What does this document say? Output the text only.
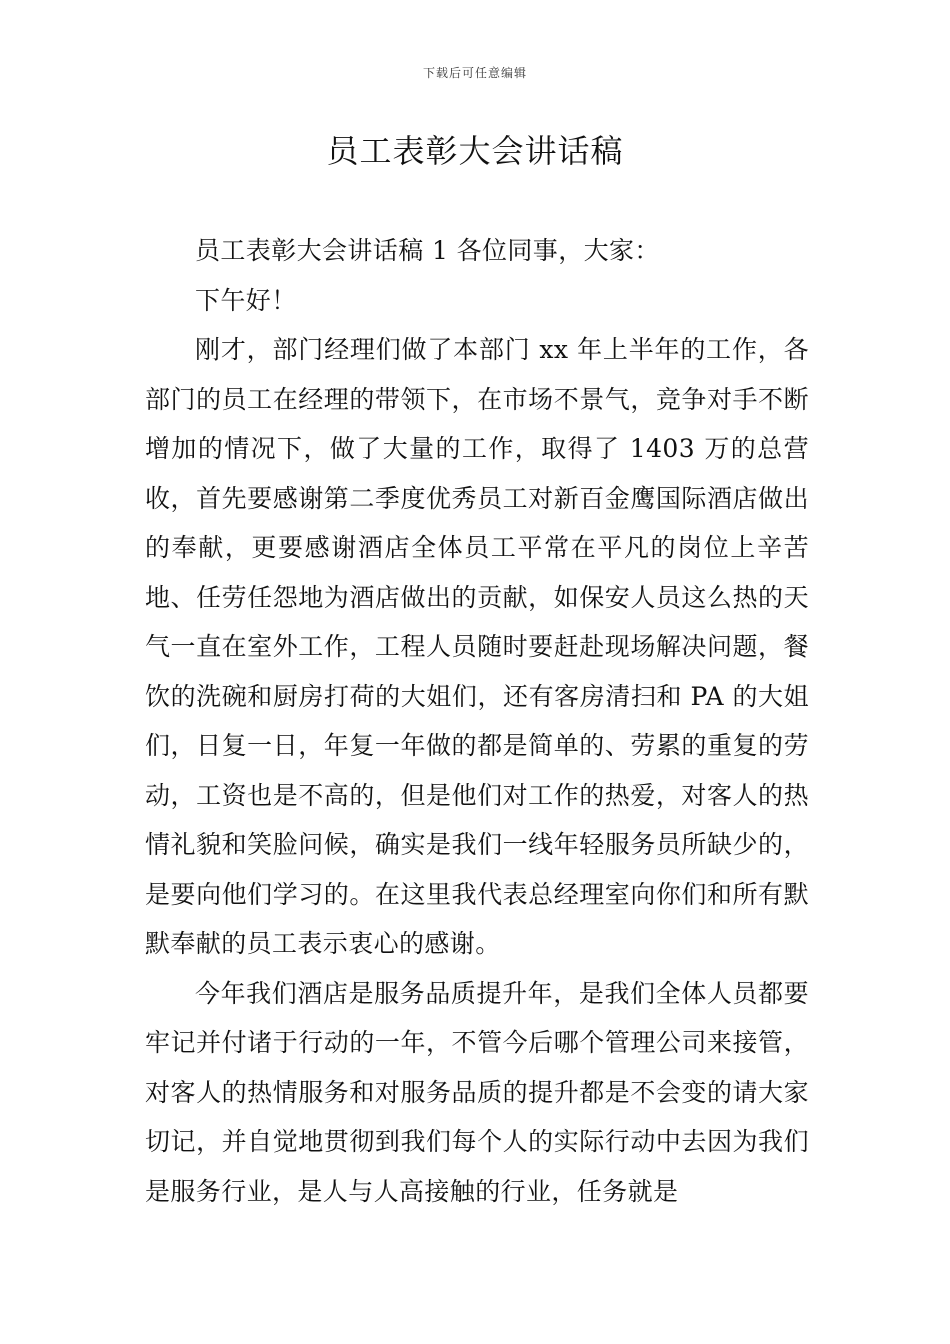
下载后可任意编辑
员工表彰大会讲话稿

员工表彰大会讲话稿 1 各位同事，大家：

下午好！

刚才，部门经理们做了本部门 xx 年上半年的工作，各部门的员工在经理的带领下，在市场不景气，竞争对手不断增加的情况下，做了大量的工作，取得了 1403 万的总营收，首先要感谢第二季度优秀员工对新百金鹰国际酒店做出的奉献，更要感谢酒店全体员工平常在平凡的岗位上辛苦地、任劳任怨地为酒店做出的贡献，如保安人员这么热的天气一直在室外工作，工程人员随时要赶赴现场解决问题，餐饮的洗碗和厨房打荷的大姐们，还有客房清扫和 PA 的大姐们，日复一日，年复一年做的都是简单的、劳累的重复的劳动，工资也是不高的，但是他们对工作的热爱，对客人的热情礼貌和笑脸问候，确实是我们一线年轻服务员所缺少的，是要向他们学习的。在这里我代表总经理室向你们和所有默默奉献的员工表示衷心的感谢。

今年我们酒店是服务品质提升年，是我们全体人员都要牢记并付诸于行动的一年，不管今后哪个管理公司来接管，对客人的热情服务和对服务品质的提升都是不会变的请大家切记，并自觉地贯彻到我们每个人的实际行动中去因为我们是服务行业，是人与人高接触的行业，任务就是
